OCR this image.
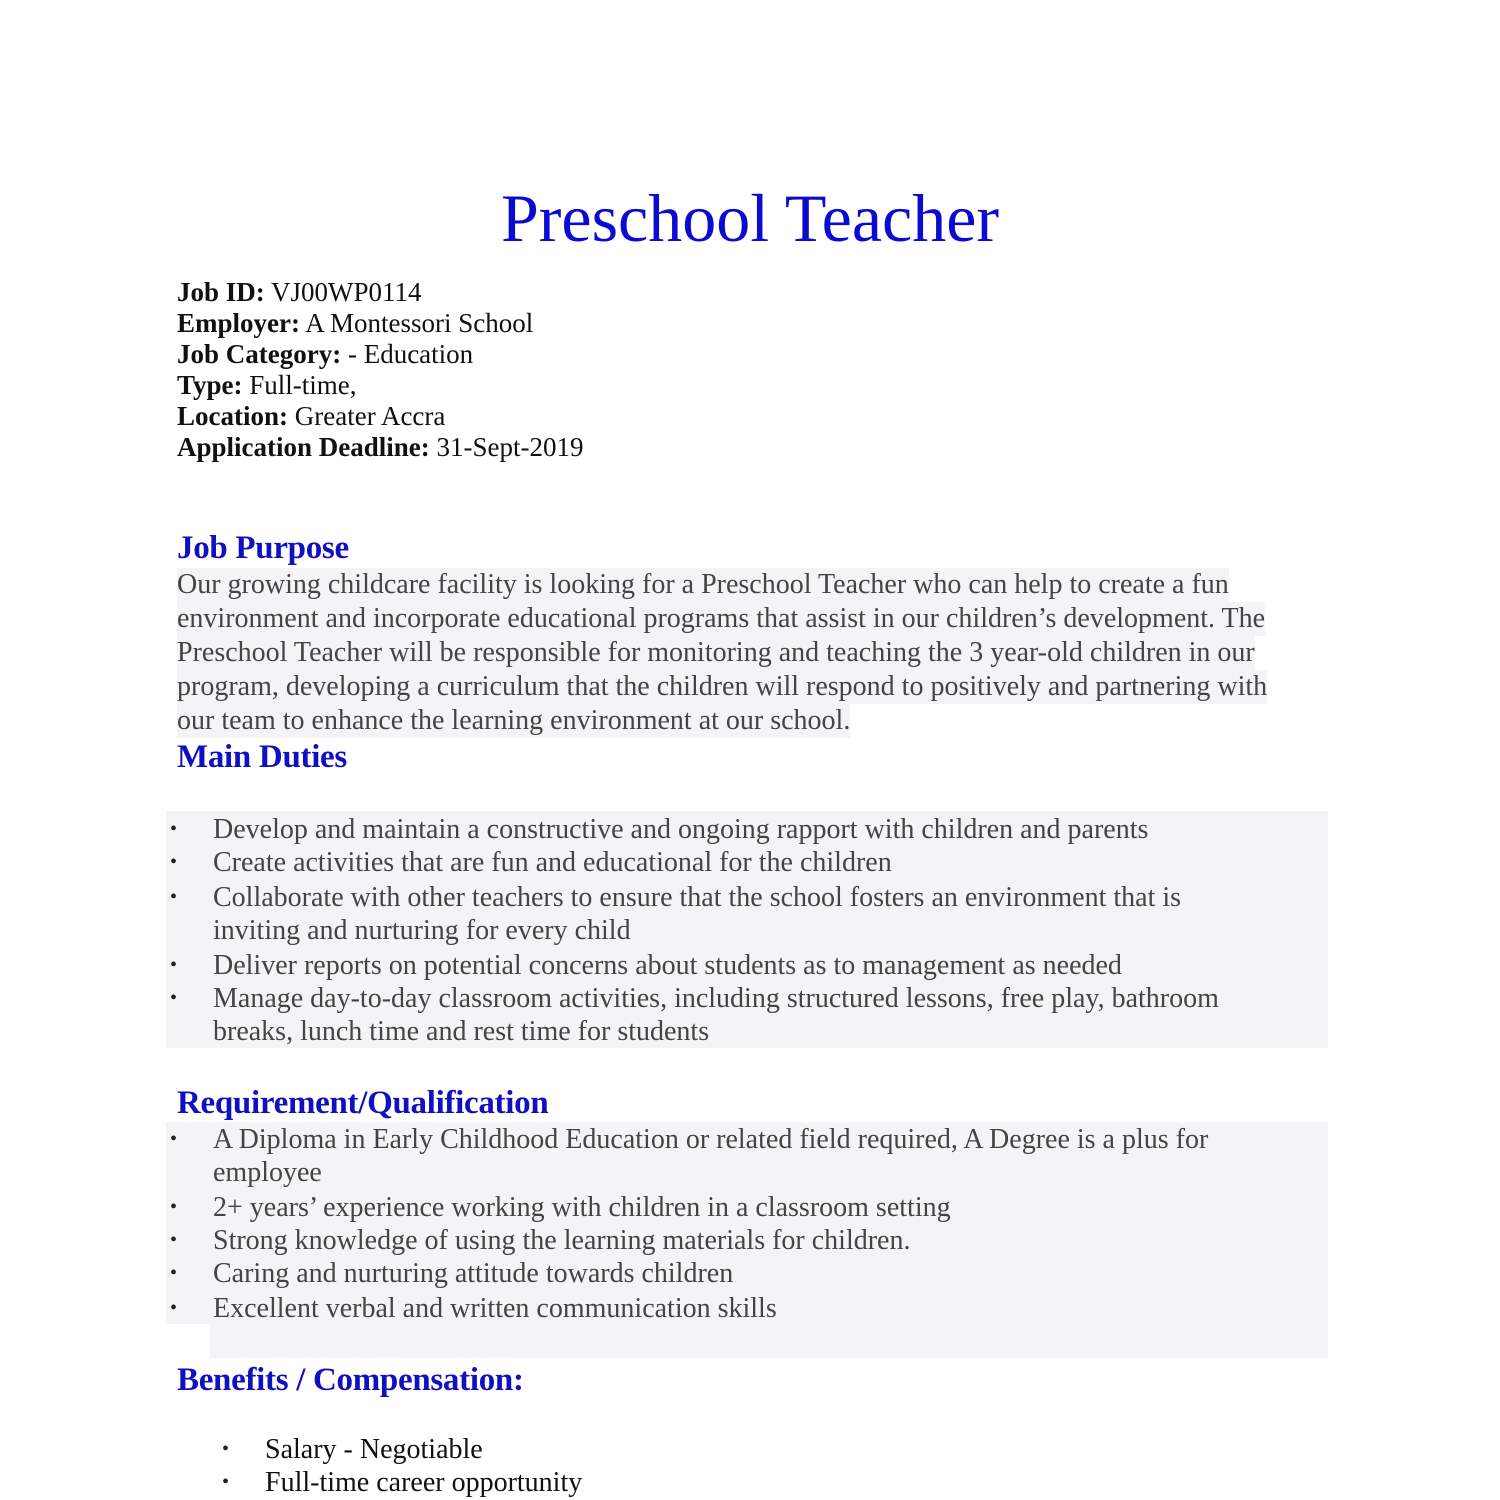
Preschool Teacher
Job ID: VJ00WP0114
Employer: A Montessori School
Job Category: - Education
Type: Full-time,
Location: Greater Accra
Application Deadline: 31-Sept-2019
Job Purpose
Our growing childcare facility is looking for a Preschool Teacher who can help to create a fun
environment and incorporate educational programs that assist in our children’s development. The
Preschool Teacher will be responsible for monitoring and teaching the 3 year-old children in our
program, developing a curriculum that the children will respond to positively and partnering with
our team to enhance the learning environment at our school.
Main Duties
• Develop and maintain a constructive and ongoing rapport with children and parents
• Create activities that are fun and educational for the children
• Collaborate with other teachers to ensure that the school fosters an environment that is
inviting and nurturing for every child
• Deliver reports on potential concerns about students as to management as needed
• Manage day-to-day classroom activities, including structured lessons, free play, bathroom
breaks, lunch time and rest time for students
Requirement/Qualification
• A Diploma in Early Childhood Education or related field required, A Degree is a plus for
employee
• 2+ years’ experience working with children in a classroom setting
• Strong knowledge of using the learning materials for children.
• Caring and nurturing attitude towards children
• Excellent verbal and written communication skills
Benefits / Compensation:
• Salary - Negotiable
• Full-time career opportunity
